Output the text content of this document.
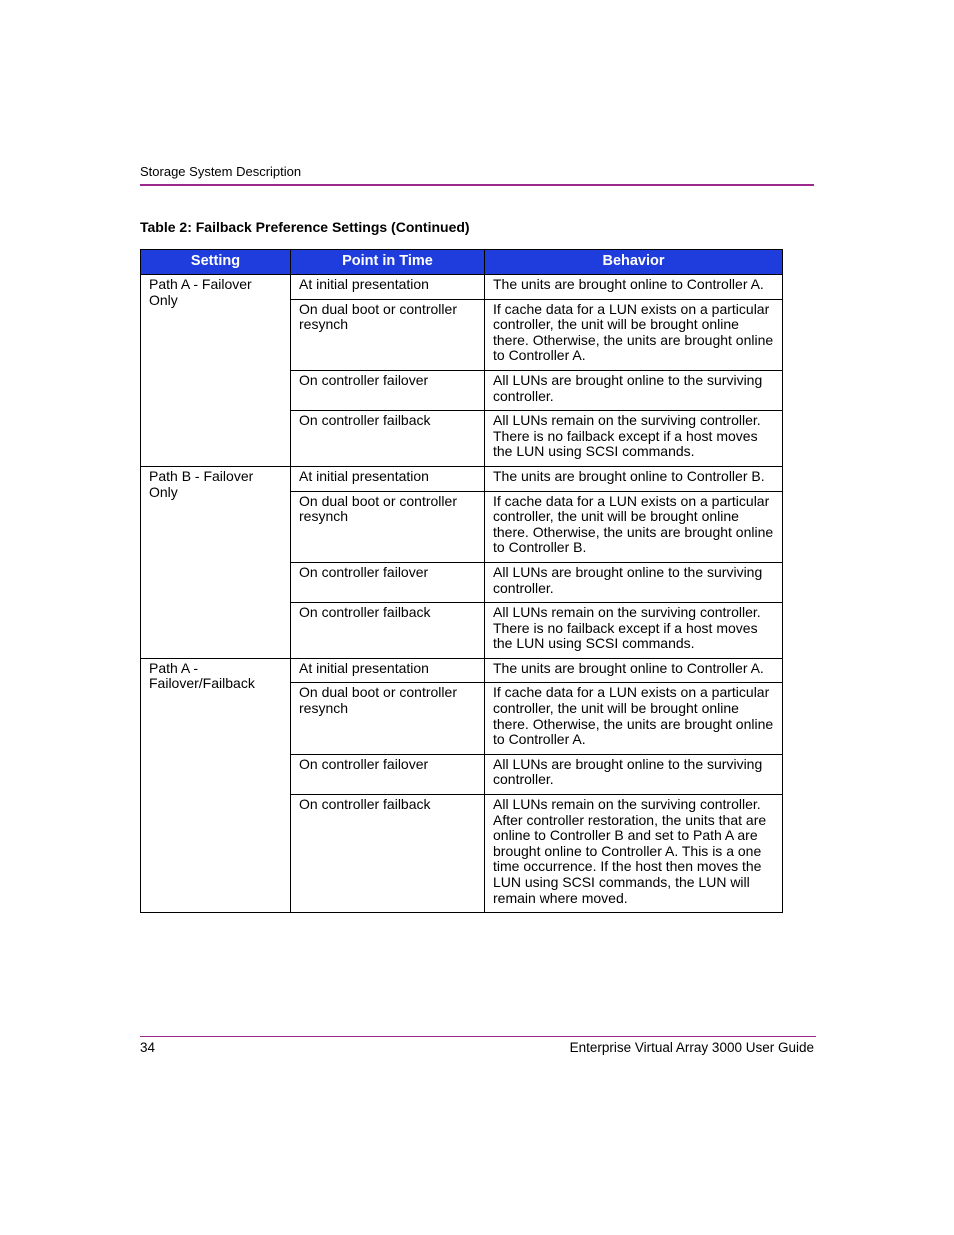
Storage System Description
Table 2: Failback Preference Settings (Continued)
Setting	Point in Time	Behavior
Path A - Failover Only	At initial presentation	The units are brought online to Controller A.
	On dual boot or controller resynch	If cache data for a LUN exists on a particular controller, the unit will be brought online there. Otherwise, the units are brought online to Controller A.
	On controller failover	All LUNs are brought online to the surviving controller.
	On controller failback	All LUNs remain on the surviving controller. There is no failback except if a host moves the LUN using SCSI commands.
Path B - Failover Only	At initial presentation	The units are brought online to Controller B.
	On dual boot or controller resynch	If cache data for a LUN exists on a particular controller, the unit will be brought online there. Otherwise, the units are brought online to Controller B.
	On controller failover	All LUNs are brought online to the surviving controller.
	On controller failback	All LUNs remain on the surviving controller. There is no failback except if a host moves the LUN using SCSI commands.
Path A - Failover/Failback	At initial presentation	The units are brought online to Controller A.
	On dual boot or controller resynch	If cache data for a LUN exists on a particular controller, the unit will be brought online there. Otherwise, the units are brought online to Controller A.
	On controller failover	All LUNs are brought online to the surviving controller.
	On controller failback	All LUNs remain on the surviving controller. After controller restoration, the units that are online to Controller B and set to Path A are brought online to Controller A. This is a one time occurrence. If the host then moves the LUN using SCSI commands, the LUN will remain where moved.
34	Enterprise Virtual Array 3000 User Guide
